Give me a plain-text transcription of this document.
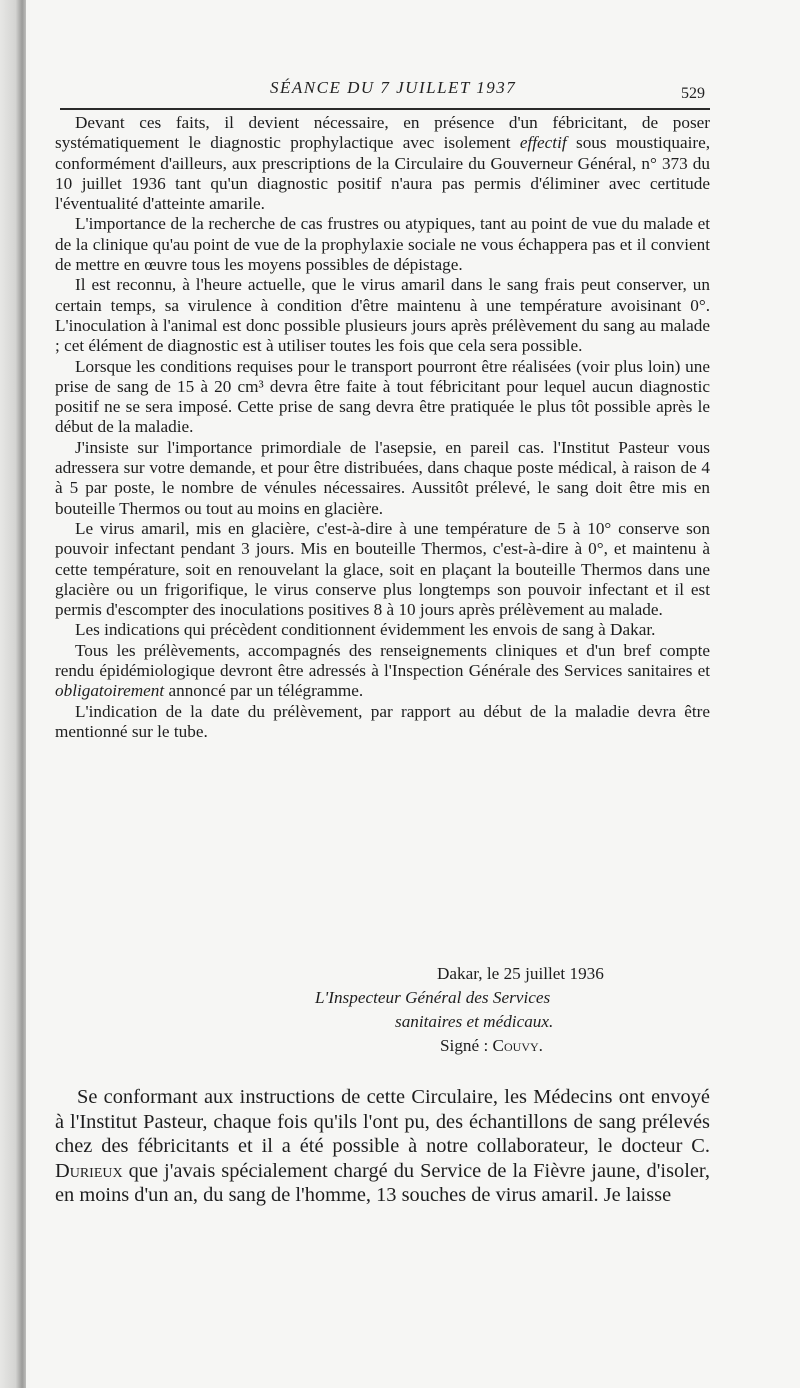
SÉANCE DU 7 JUILLET 1937	529

Devant ces faits, il devient nécessaire, en présence d'un fébricitant, de poser systématiquement le diagnostic prophylactique avec isolement effectif sous moustiquaire, conformément d'ailleurs, aux prescriptions de la Circulaire du Gouverneur Général, n° 373 du 10 juillet 1936 tant qu'un diagnostic positif n'aura pas permis d'éliminer avec certitude l'éventualité d'atteinte amarile.

L'importance de la recherche de cas frustres ou atypiques, tant au point de vue du malade et de la clinique qu'au point de vue de la prophylaxie sociale ne vous échappera pas et il convient de mettre en œuvre tous les moyens possibles de dépistage.

Il est reconnu, à l'heure actuelle, que le virus amaril dans le sang frais peut conserver, un certain temps, sa virulence à condition d'être maintenu à une température avoisinant 0°. L'inoculation à l'animal est donc possible plusieurs jours après prélèvement du sang au malade ; cet élément de diagnostic est à utiliser toutes les fois que cela sera possible.

Lorsque les conditions requises pour le transport pourront être réalisées (voir plus loin) une prise de sang de 15 à 20 cm³ devra être faite à tout fébricitant pour lequel aucun diagnostic positif ne se sera imposé. Cette prise de sang devra être pratiquée le plus tôt possible après le début de la maladie.

J'insiste sur l'importance primordiale de l'asepsie, en pareil cas. l'Institut Pasteur vous adressera sur votre demande, et pour être distribuées, dans chaque poste médical, à raison de 4 à 5 par poste, le nombre de vénules nécessaires. Aussitôt prélevé, le sang doit être mis en bouteille Thermos ou tout au moins en glacière.

Le virus amaril, mis en glacière, c'est-à-dire à une température de 5 à 10° conserve son pouvoir infectant pendant 3 jours. Mis en bouteille Thermos, c'est-à-dire à 0°, et maintenu à cette température, soit en renouvelant la glace, soit en plaçant la bouteille Thermos dans une glacière ou un frigorifique, le virus conserve plus longtemps son pouvoir infectant et il est permis d'escompter des inoculations positives 8 à 10 jours après prélèvement au malade.

Les indications qui précèdent conditionnent évidemment les envois de sang à Dakar.

Tous les prélèvements, accompagnés des renseignements cliniques et d'un bref compte rendu épidémiologique devront être adressés à l'Inspection Générale des Services sanitaires et obligatoirement annoncé par un télégramme.

L'indication de la date du prélèvement, par rapport au début de la maladie devra être mentionné sur le tube.

Dakar, le 25 juillet 1936
L'Inspecteur Général des Services
sanitaires et médicaux.
Signé : Couvy.

Se conformant aux instructions de cette Circulaire, les Médecins ont envoyé à l'Institut Pasteur, chaque fois qu'ils l'ont pu, des échantillons de sang prélevés chez des fébricitants et il a été possible à notre collaborateur, le docteur C. Durieux que j'avais spécialement chargé du Service de la Fièvre jaune, d'isoler, en moins d'un an, du sang de l'homme, 13 souches de virus amaril. Je laisse
